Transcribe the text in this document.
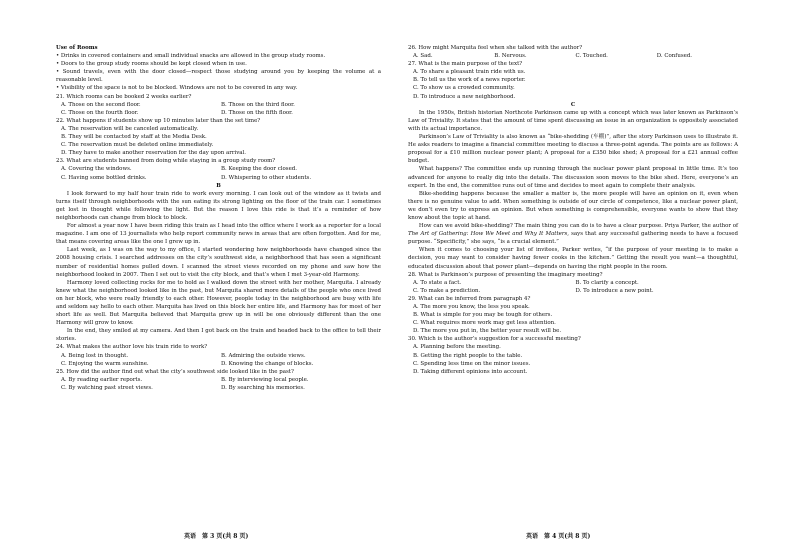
Use of Rooms

• Drinks in covered containers and small individual snacks are allowed in the group study rooms.

• Doors to the group study rooms should be kept closed when in use.

• Sound travels, even with the door closed—respect those studying around you by keeping the volume at a reasonable level.

• Visibility of the space is not to be blocked. Windows are not to be covered in any way.

21. Which rooms can be booked 2 weeks earlier?

A. Those on the second floor.	B. Those on the third floor.
C. Those on the fourth floor.	D. Those on the fifth floor.

22. What happens if students show up 10 minutes later than the set time?

A. The reservation will be canceled automatically.

B. They will be contacted by staff at the Media Desk.

C. The reservation must be deleted online immediately.

D. They have to make another reservation for the day upon arrival.

23. What are students banned from doing while staying in a group study room?

A. Covering the windows.	B. Keeping the door closed.
C. Having some bottled drinks.	D. Whispering to other students.

B

I look forward to my half hour train ride to work every morning. I can look out of the window as it twists and turns itself through neighborhoods with the sun eating its strong lighting on the floor of the train car. I sometimes get lost in thought while following the light. But the reason I love this ride is that it’s a reminder of how neighborhoods can change from block to block.

For almost a year now I have been riding this train as I head into the office where I work as a reporter for a local magazine. I am one of 13 journalists who help report community news in areas that are often forgotten. And for me, that means covering areas like the one I grew up in.

Last week, as I was on the way to my office, I started wondering how neighborhoods have changed since the 2008 housing crisis. I searched addresses on the city’s southwest side, a neighborhood that has seen a significant number of residential homes pulled down. I scanned the street views recorded on my phone and saw how the neighborhood looked in 2007. Then I set out to visit the city block, and that’s when I met 3-year-old Harmony.

Harmony loved collecting rocks for me to hold as I walked down the street with her mother, Marquita. I already knew what the neighborhood looked like in the past, but Marquita shared more details of the people who once lived on her block, who were really friendly to each other. However, people today in the neighborhood are busy with life and seldom say hello to each other. Marquita has lived on this block her entire life, and Harmony has for most of her short life as well. But Marquita believed that Marquita grew up in will be one obviously different than the one Harmony will grow to know.

In the end, they smiled at my camera. And then I got back on the train and headed back to the office to tell their stories.

24. What makes the author love his train ride to work?

A. Being lost in thought.	B. Admiring the outside views.
C. Enjoying the warm sunshine.	D. Knowing the change of blocks.

25. How did the author find out what the city’s southwest side looked like in the past?

A. By reading earlier reports.	B. By interviewing local people.
C. By watching past street views.	D. By searching his memories.

26. How might Marquita feel when she talked with the author?

A. Sad.	B. Nervous.	C. Touched.	D. Confused.

27. What is the main purpose of the text?

A. To share a pleasant train ride with us.

B. To tell us the work of a news reporter.

C. To show us a crowded community.

D. To introduce a new neighborhood.

C

In the 1950s, British historian Northcote Parkinson came up with a concept which was later known as Parkinson’s Law of Triviality. It states that the amount of time spent discussing an issue in an organization is oppositely associated with its actual importance.

Parkinson’s Law of Triviality is also known as “bike-shedding (车棚)”, after the story Parkinson uses to illustrate it. He asks readers to imagine a financial committee meeting to discuss a three-point agenda. The points are as follows: A proposal for a £10 million nuclear power plant; A proposal for a £350 bike shed; A proposal for a £21 annual coffee budget.

What happens? The committee ends up running through the nuclear power plant proposal in little time. It’s too advanced for anyone to really dig into the details. The discussion soon moves to the bike shed. Here, everyone’s an expert. In the end, the committee runs out of time and decides to meet again to complete their analysis.

Bike-shedding happens because the smaller a matter is, the more people will have an opinion on it, even when there is no genuine value to add. When something is outside of our circle of competence, like a nuclear power plant, we don’t even try to express an opinion. But when something is comprehensible, everyone wants to show that they know about the topic at hand.

How can we avoid bike-shedding? The main thing you can do is to have a clear purpose. Priya Parker, the author of The Art of Gathering: How We Meet and Why It Matters, says that any successful gathering needs to have a focused purpose. “Specificity,” she says, “is a crucial element.”

When it comes to choosing your list of invitees, Parker writes, “if the purpose of your meeting is to make a decision, you may want to consider having fewer cooks in the kitchen.” Getting the result you want—a thoughtful, educated discussion about that power plant—depends on having the right people in the room.

28. What is Parkinson’s purpose of presenting the imaginary meeting?

A. To state a fact.	B. To clarify a concept.
C. To make a prediction.	D. To introduce a new point.

29. What can be inferred from paragraph 4?

A. The more you know, the less you speak.

B. What is simple for you may be tough for others.

C. What requires more work may get less attention.

D. The more you put in, the better your result will be.

30. Which is the author’s suggestion for a successful meeting?

A. Planning before the meeting.

B. Getting the right people to the table.

C. Spending less time on the minor issues.

D. Taking different opinions into account.

英语　第 3 页(共 8 页)	英语　第 4 页(共 8 页)
